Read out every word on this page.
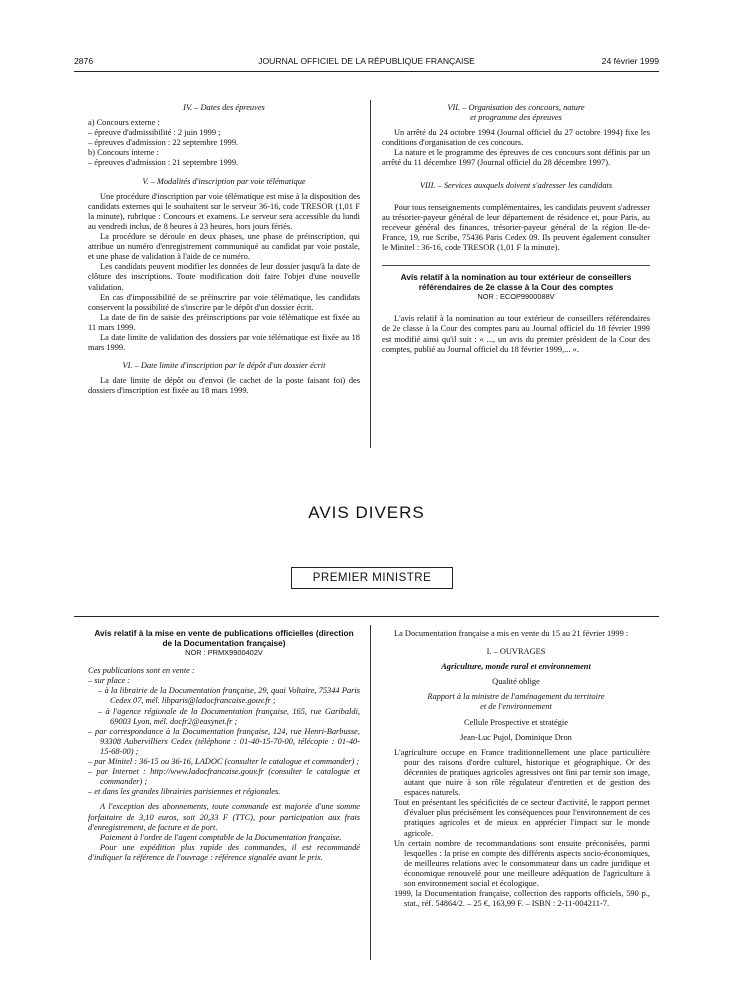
2876	JOURNAL OFFICIEL DE LA RÉPUBLIQUE FRANÇAISE	24 février 1999

IV. – Dates des épreuves

a) Concours externe :

– épreuve d'admissibilité : 2 juin 1999 ;

– épreuves d'admission : 22 septembre 1999.

b) Concours interne :

– épreuves d'admission : 21 septembre 1999.

V. – Modalités d'inscription par voie télématique

Une procédure d'inscription par voie télématique est mise à la disposition des candidats externes qui le souhaitent sur le serveur 36-16, code TRESOR (1,01 F la minute), rubrique : Concours et examens. Le serveur sera accessible du lundi au vendredi inclus, de 8 heures à 23 heures, hors jours fériés.

La procédure se déroule en deux phases, une phase de préinscription, qui attribue un numéro d'enregistrement communiqué au candidat par voie postale, et une phase de validation à l'aide de ce numéro.

Les candidats peuvent modifier les données de leur dossier jusqu'à la date de clôture des inscriptions. Toute modification doit faire l'objet d'une nouvelle validation.

En cas d'impossibilité de se préinscrire par voie télématique, les candidats conservent la possibilité de s'inscrire par le dépôt d'un dossier écrit.

La date de fin de saisie des préinscriptions par voie télématique est fixée au 11 mars 1999.

La date limite de validation des dossiers par voie télématique est fixée au 18 mars 1999.

VI. – Date limite d'inscription par le dépôt d'un dossier écrit

La date limite de dépôt ou d'envoi (le cachet de la poste faisant foi) des dossiers d'inscription est fixée au 18 mars 1999.

VII. – Organisation des concours, nature

et programme des épreuves

Un arrêté du 24 octobre 1994 (Journal officiel du 27 octobre 1994) fixe les conditions d'organisation de ces concours.

La nature et le programme des épreuves de ces concours sont définis par un arrêté du 11 décembre 1997 (Journal officiel du 28 décembre 1997).

VIII. – Services auxquels doivent s'adresser les candidats

Pour tous renseignements complémentaires, les candidats peuvent s'adresser au trésorier-payeur général de leur département de résidence et, pour Paris, au receveur général des finances, trésorier-payeur général de la région Ile-de-France, 19, rue Scribe, 75436 Paris Cedex 09. Ils peuvent également consulter le Minitel : 36-16, code TRESOR (1,01 F la minute).

Avis relatif à la nomination au tour extérieur de conseillers référendaires de 2e classe à la Cour des comptes

NOR : ECOP9900088V

L'avis relatif à la nomination au tour extérieur de conseillers référendaires de 2e classe à la Cour des comptes paru au Journal officiel du 18 février 1999 est modifié ainsi qu'il suit : « ..., un avis du premier président de la Cour des comptes, publié au Journal officiel du 18 février 1999,... ».

AVIS DIVERS
PREMIER MINISTRE

Avis relatif à la mise en vente de publications officielles (direction de la Documentation française)

NOR : PRMX9900402V

Ces publications sont en vente :

– sur place :

– à la librairie de la Documentation française, 29, quai Voltaire, 75344 Paris Cedex 07, mél. libparis@ladocfrancaise.gouv.fr ;

– à l'agence régionale de la Documentation française, 165, rue Garibaldi, 69003 Lyon, mél. docfr2@easynet.fr ;

– par correspondance à la Documentation française, 124, rue Henri-Barbusse, 93308 Aubervilliers Cedex (téléphone : 01-40-15-70-00, télécopie : 01-40-15-68-00) ;

– par Minitel : 36-15 ou 36-16, LADOC (consulter le catalogue et commander) ;

– par Internet : http://www.ladocfrancaise.gouv.fr (consulter le catalogue et commander) ;

– et dans les grandes librairies parisiennes et régionales.

A l'exception des abonnements, toute commande est majorée d'une somme forfaitaire de 3,10 euros, soit 20,33 F (TTC), pour participation aux frais d'enregistrement, de facture et de port.

Paiement à l'ordre de l'agent comptable de la Documentation française.

Pour une expédition plus rapide des commandes, il est recommandé d'indiquer la référence de l'ouvrage : référence signalée avant le prix.

La Documentation française a mis en vente du 15 au 21 février 1999 :

I. – OUVRAGES

Agriculture, monde rural et environnement

Qualité oblige

Rapport à la ministre de l'aménagement du territoire

et de l'environnement

Cellule Prospective et stratégie

Jean-Luc Pujol, Dominique Dron

L'agriculture occupe en France traditionnellement une place particulière pour des raisons d'ordre culturel, historique et géographique. Or des décennies de pratiques agricoles agressives ont fini par ternir son image, autant que nuire à son rôle régulateur d'entretien et de gestion des espaces naturels.

Tout en présentant les spécificités de ce secteur d'activité, le rapport permet d'évaluer plus précisément les conséquences pour l'environnement de ces pratiques agricoles et de mieux en apprécier l'impact sur le monde agricole.

Un certain nombre de recommandations sont ensuite préconisées, parmi lesquelles : la prise en compte des différents aspects socio-économiques, de meilleures relations avec le consommateur dans un cadre juridique et économique renouvelé pour une meilleure adéquation de l'agriculture à son environnement social et écologique.

1999, la Documentation française, collection des rapports officiels, 590 p., stat., réf. 54864/2. – 25 €, 163,99 F. – ISBN : 2-11-004211-7.
